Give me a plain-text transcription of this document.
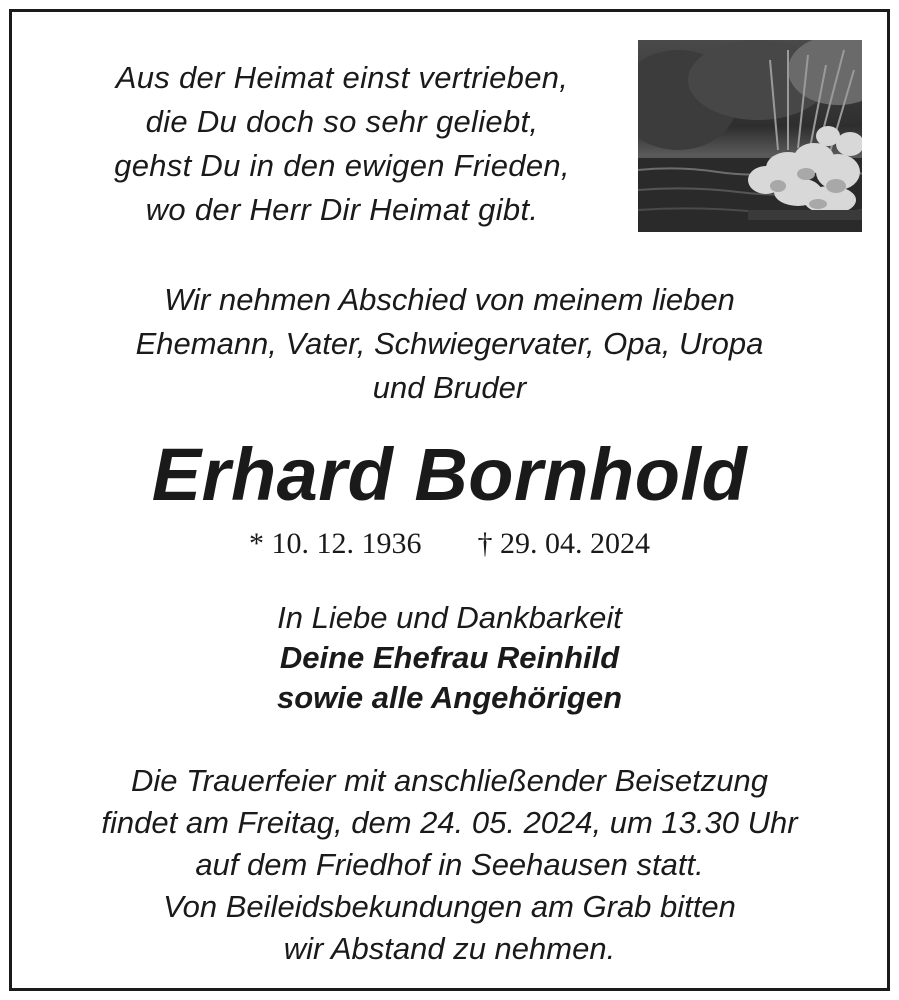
Aus der Heimat einst vertrieben,
die Du doch so sehr geliebt,
gehst Du in den ewigen Frieden,
wo der Herr Dir Heimat gibt.
Wir nehmen Abschied von meinem lieben
Ehemann, Vater, Schwiegervater, Opa, Uropa
und Bruder
Erhard Bornhold
* 10. 12. 1936 † 29. 04. 2024
In Liebe und Dankbarkeit
Deine Ehefrau Reinhild
sowie alle Angehörigen
Die Trauerfeier mit anschließender Beisetzung
findet am Freitag, dem 24. 05. 2024, um 13.30 Uhr
auf dem Friedhof in Seehausen statt.
Von Beileidsbekundungen am Grab bitten
wir Abstand zu nehmen.
